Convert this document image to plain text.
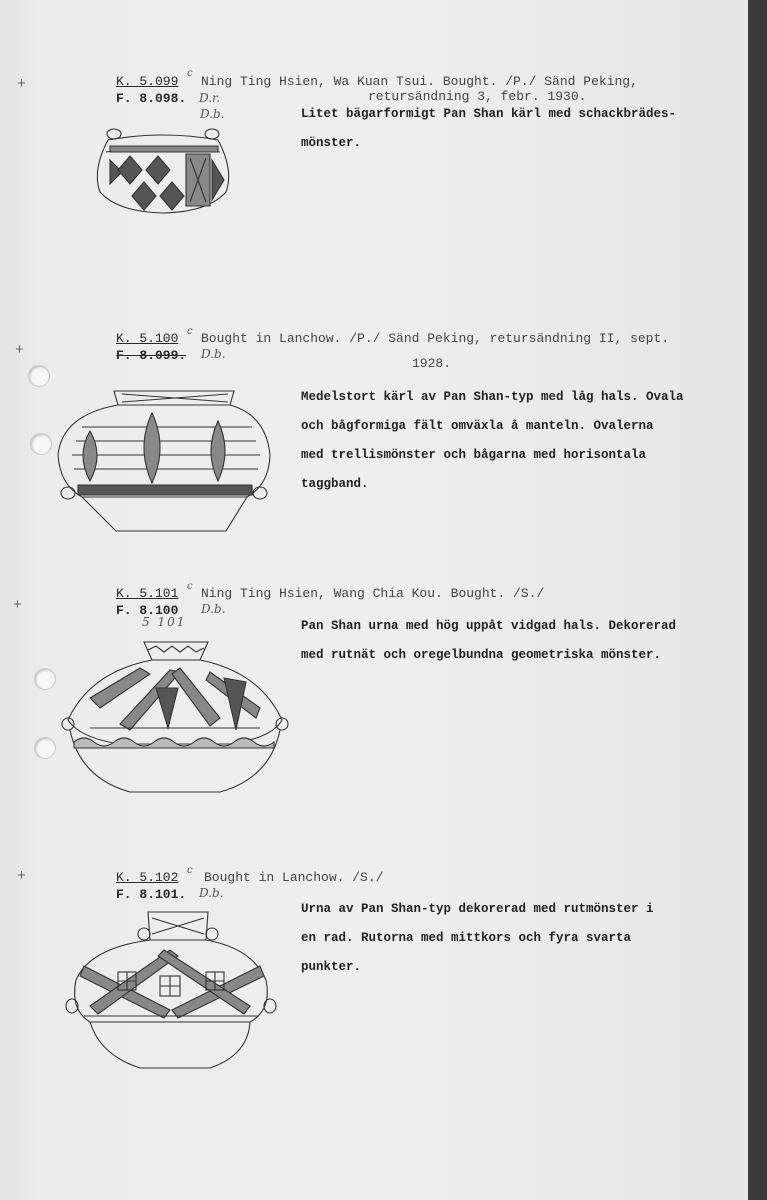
+
+
+
+
K. 5.099
c
F. 8.098. D.r.
D.b.
Ning Ting Hsien, Wa Kuan Tsui. Bought. /P./ Sänd Peking,
retursändning 3, febr. 1930.

Litet bägarformigt Pan Shan kärl med schackbrädes-

mönster.

K. 5.100 c
F. 8.099. D.b.
Bought in Lanchow. /P./ Sänd Peking, retursändning II, sept.
1928.

Medelstort kärl av Pan Shan-typ med låg hals. Ovala

och bågformiga fält omväxla å manteln. Ovalerna

med trellismönster och bågarna med horisontala

taggband.

K. 5.101 c
F. 8.100 D.b.
5 101
Ning Ting Hsien, Wang Chia Kou. Bought. /S./

Pan Shan urna med hög uppåt vidgad hals. Dekorerad

med rutnät och oregelbundna geometriska mönster.

K. 5.102 c
F. 8.101. D.b.
Bought in Lanchow. /S./

Urna av Pan Shan-typ dekorerad med rutmönster i

en rad. Rutorna med mittkors och fyra svarta

punkter.
